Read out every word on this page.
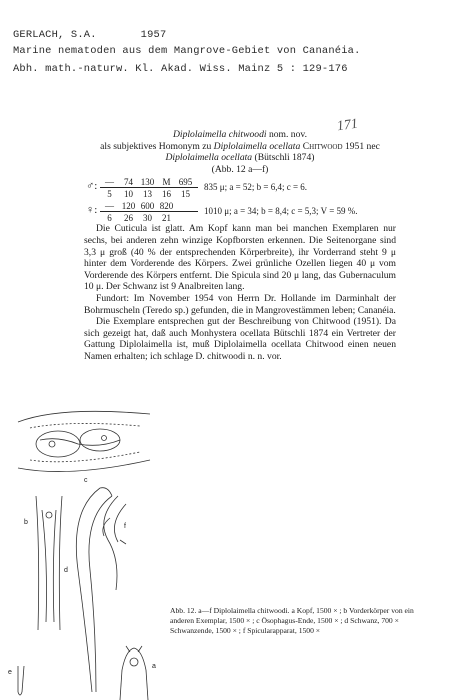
GERLACH, S.A.	1957
Marine nematoden aus dem Mangrove-Gebiet von Cananéia.
Abh. math.-naturw. Kl. Akad. Wiss. Mainz 5 : 129-176
171
Diplolaimella chitwoodi nom. nov.
als subjektives Homonym zu Diplolaimella ocellata Chitwood 1951 nec
Diplolaimella ocellata (Bütschli 1874)
(Abb. 12 a—f)
♂: —	74 130 M 695
5	10	13	16	15
835 μ; a = 52; b = 6,4; c = 6.
♀: — 120 600 820
6	26	30	21
1010 μ; a = 34; b = 8,4; c = 5,3; V = 59 %.

Die Cuticula ist glatt. Am Kopf kann man bei manchen Exemplaren nur sechs, bei anderen zehn winzige Kopfborsten erkennen. Die Seitenorgane sind 3,3 μ groß (40 % der entsprechenden Körperbreite), ihr Vorderrand steht 9 μ hinter dem Vorderende des Körpers. Zwei grünliche Ozellen liegen 40 μ vom Vorderende des Körpers entfernt. Die Spicula sind 20 μ lang, das Gubernaculum 10 μ. Der Schwanz ist 9 Analbreiten lang.

Fundort: Im November 1954 von Herrn Dr. Hollande im Darminhalt der Bohrmuscheln (Teredo sp.) gefunden, die in Mangrovestämmen leben; Cananéia.

Die Exemplare entsprechen gut der Beschreibung von Chitwood (1951). Da sich gezeigt hat, daß auch Monhystera ocellata Bütschli 1874 ein Vertreter der Gattung Diplolaimella ist, muß Diplolaimella ocellata Chitwood einen neuen Namen erhalten; ich schlage D. chitwoodi n. n. vor.

c
b
d
f
e
a
Abb. 12. a—f Diplolaimella chitwoodi. a Kopf, 1500 × ; b Vorderkörper von ein
anderen Exemplar, 1500 × ; c Ösophagus-Ende, 1500 × ; d Schwanz, 700 ×
Schwanzende, 1500 × ; f Spicularapparat, 1500 ×
